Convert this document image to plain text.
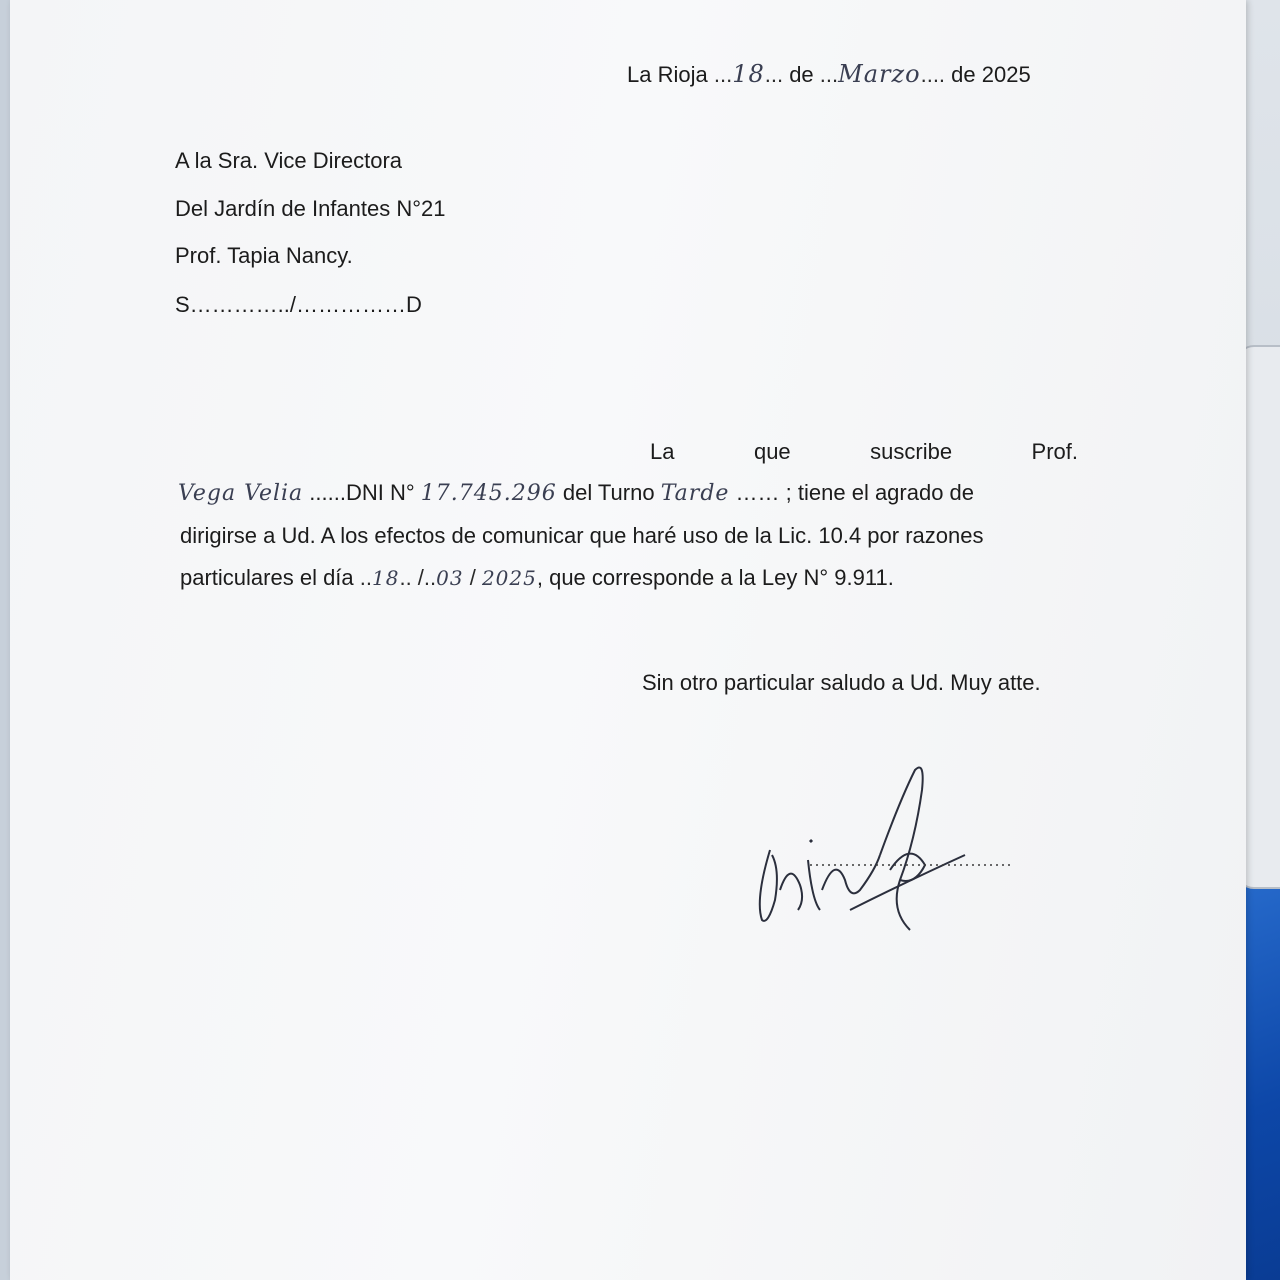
La Rioja ...18... de ...Marzo.... de 2025
A la Sra. Vice Directora
Del Jardín de Infantes N°21
Prof. Tapia Nancy.
S…………../……………D
La	que	suscribe	Prof.
Vega Velia ......DNI N° 17.745.296 del Turno Tarde …… ; tiene el agrado de
dirigirse a Ud. A los efectos de comunicar que haré uso de la Lic. 10.4 por razones
particulares el día ..18.. /..03 / 2025, que corresponde a la Ley N° 9.911.
Sin otro particular saludo a Ud. Muy atte.
